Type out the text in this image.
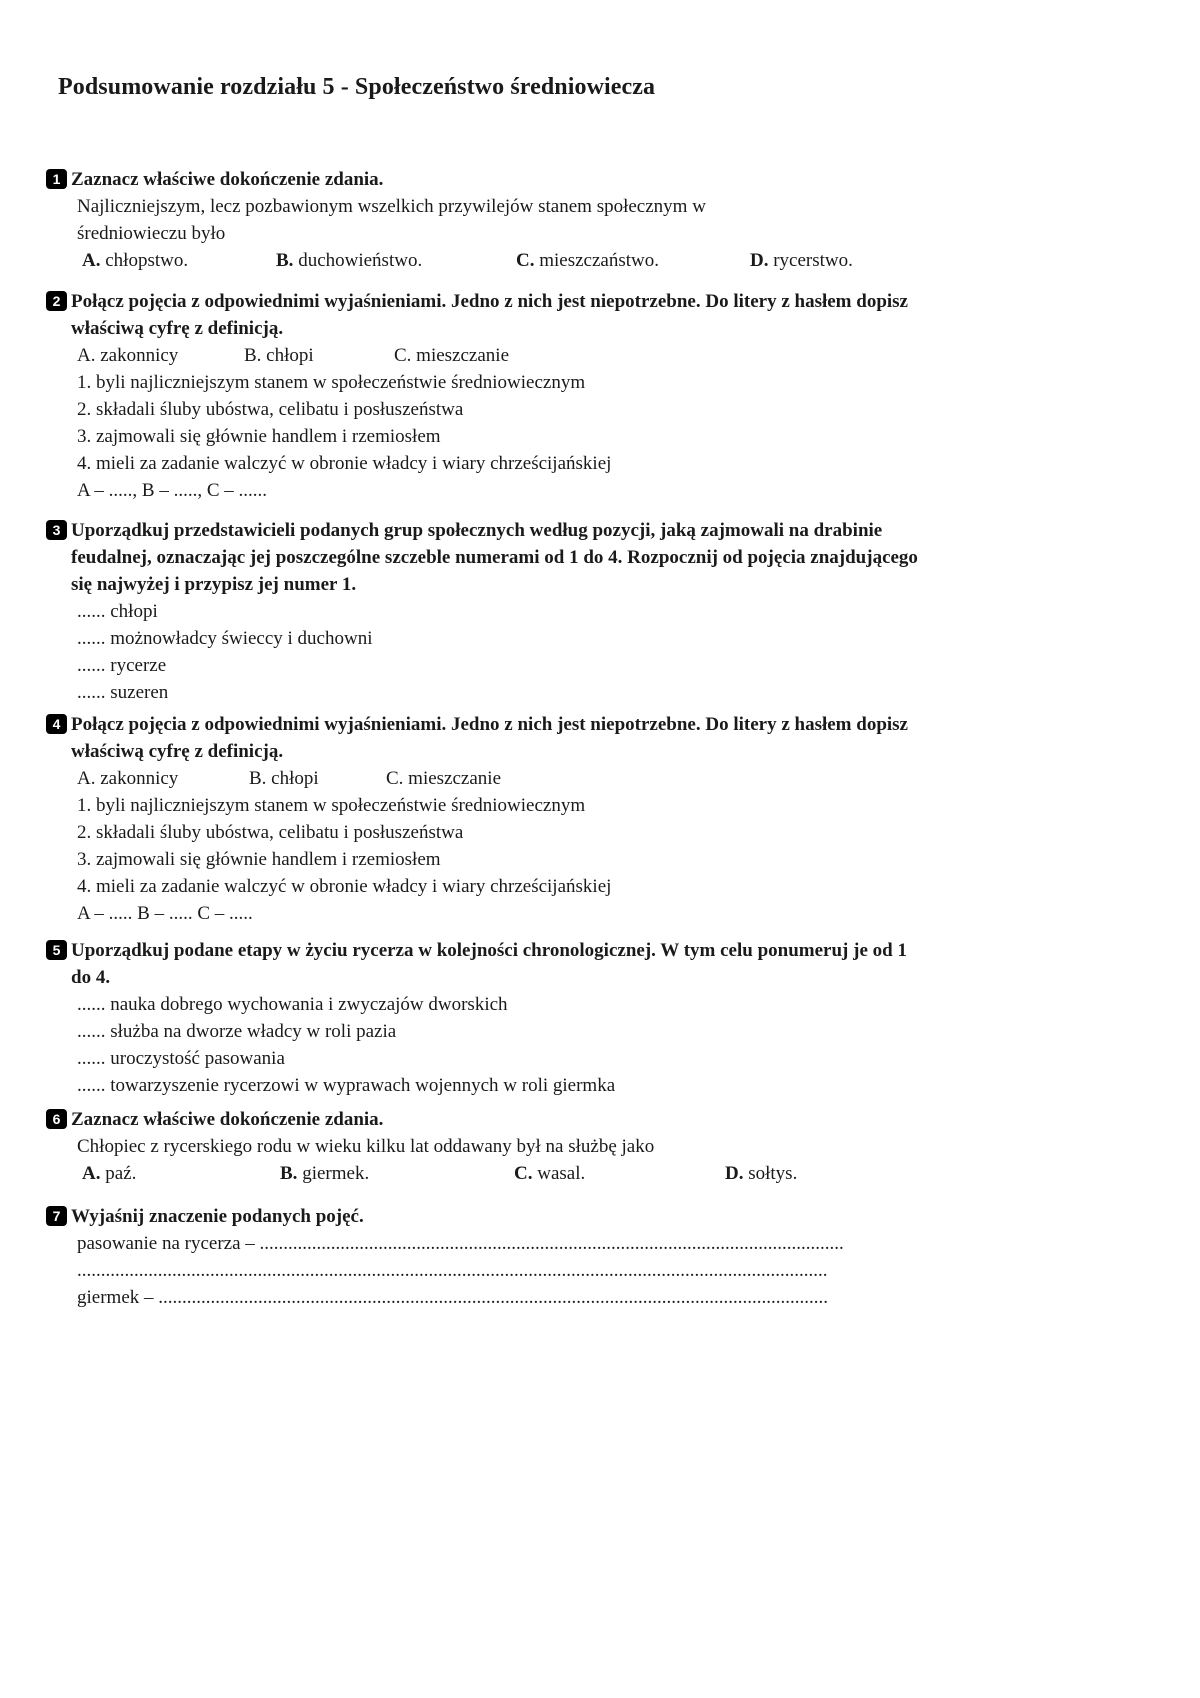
Podsumowanie rozdziału 5 - Społeczeństwo średniowiecza
1 Zaznacz właściwe dokończenie zdania.
Najliczniejszym, lecz pozbawionym wszelkich przywilejów stanem społecznym w
średniowieczu było
A. chłopstwo.	B. duchowieństwo.	C. mieszczaństwo.	D. rycerstwo.
2 Połącz pojęcia z odpowiednimi wyjaśnieniami. Jedno z nich jest niepotrzebne. Do litery z hasłem dopisz właściwą cyfrę z definicją.
A. zakonnicy	B. chłopi	C. mieszczanie
1. byli najliczniejszym stanem w społeczeństwie średniowiecznym
2. składali śluby ubóstwa, celibatu i posłuszeństwa
3. zajmowali się głównie handlem i rzemiosłem
4. mieli za zadanie walczyć w obronie władcy i wiary chrześcijańskiej
A – ....., B – ....., C – ......
3 Uporządkuj przedstawicieli podanych grup społecznych według pozycji, jaką zajmowali na drabinie feudalnej, oznaczając jej poszczególne szczeble numerami od 1 do 4. Rozpocznij od pojęcia znajdującego się najwyżej i przypisz jej numer 1.
...... chłopi
...... możnowładcy świeccy i duchowni
...... rycerze
...... suzeren
4 Połącz pojęcia z odpowiednimi wyjaśnieniami. Jedno z nich jest niepotrzebne. Do litery z hasłem dopisz właściwą cyfrę z definicją.
A. zakonnicy	B. chłopi	C. mieszczanie
1. byli najliczniejszym stanem w społeczeństwie średniowiecznym
2. składali śluby ubóstwa, celibatu i posłuszeństwa
3. zajmowali się głównie handlem i rzemiosłem
4. mieli za zadanie walczyć w obronie władcy i wiary chrześcijańskiej
A – ..... B – ..... C – .....
5 Uporządkuj podane etapy w życiu rycerza w kolejności chronologicznej. W tym celu ponumeruj je od 1 do 4.
...... nauka dobrego wychowania i zwyczajów dworskich
...... służba na dworze władcy w roli pazia
...... uroczystość pasowania
...... towarzyszenie rycerzowi w wyprawach wojennych w roli giermka
6 Zaznacz właściwe dokończenie zdania.
Chłopiec z rycerskiego rodu w wieku kilku lat oddawany był na służbę jako
A. paź.	B. giermek.	C. wasal.	D. sołtys.
7 Wyjaśnij znaczenie podanych pojęć.
pasowanie na rycerza – ...........................................................................................................................
..............................................................................................................................................................
giermek – .............................................................................................................................................
